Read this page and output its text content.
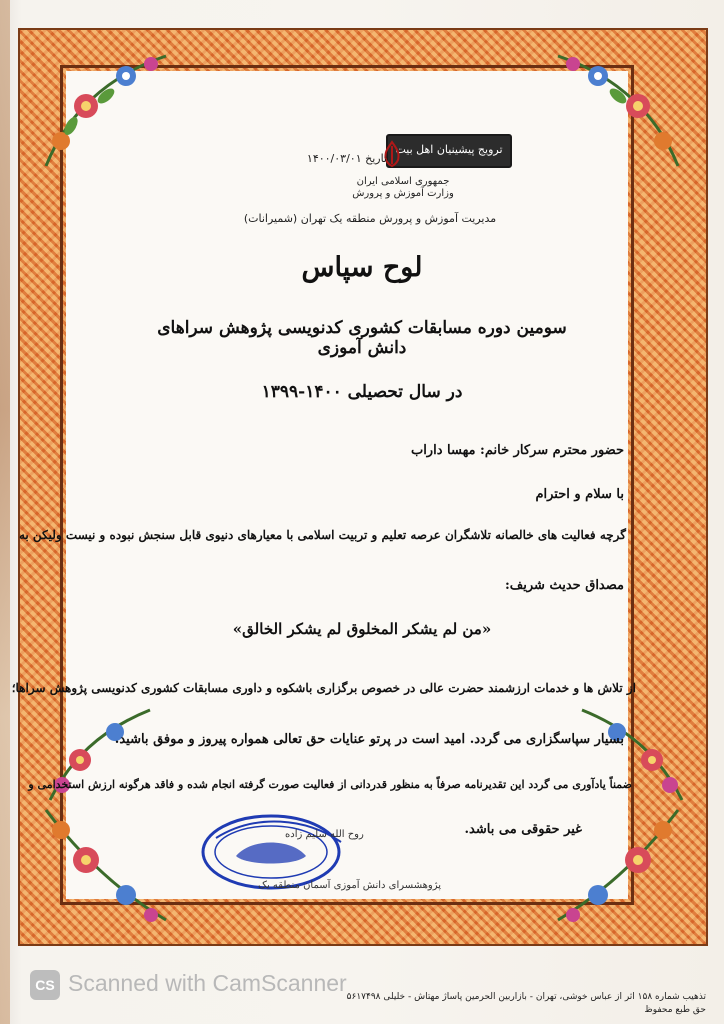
ترویج پیشینیان اهل بیت
تاریخ ۱۴۰۰/۰۳/۰۱
جمهوری اسلامی ایران
وزارت آموزش و پرورش
مدیریت آموزش و پرورش منطقه یک تهران (شمیرانات)
لوح سپاس
سومین دوره مسابقات کشوری کدنویسی پژوهش سراهای دانش آموزی
در سال تحصیلی ۱۴۰۰-۱۳۹۹
حضور محترم سرکار خانم: مهسا داراب
با سلام و احترام
گرچه فعالیت های خالصانه تلاشگران عرصه تعلیم و تربیت اسلامی با معیارهای دنیوی قابل سنجش نبوده و نیست ولیکن به
مصداق حدیث شریف:
«من لم یشکر المخلوق لم یشکر الخالق»
از تلاش ها و خدمات ارزشمند حضرت عالی در خصوص برگزاری باشکوه و داوری مسابقات کشوری کدنویسی پژوهش سراها؛
بسیار سپاسگزاری می گردد. امید است در پرتو عنایات حق تعالی همواره پیروز و موفق باشید.
ضمناً یادآوری می گردد این تقدیرنامه صرفاً به منظور قدردانی از فعالیت صورت گرفته انجام شده و فاقد هرگونه ارزش استخدامی و
غیر حقوقی می باشد.
روح الله سلیم زاده
پژوهشسرای دانش آموزی آسمان منطقه یک
CS Scanned with CamScanner
تذهیب شماره ۱۵۸ اثر از عباس خوشی، تهران - بازاربین الحرمین پاساژ مهتاش - خلیلی ۵۶۱۷۴۹۸
حق طبع محفوظ
